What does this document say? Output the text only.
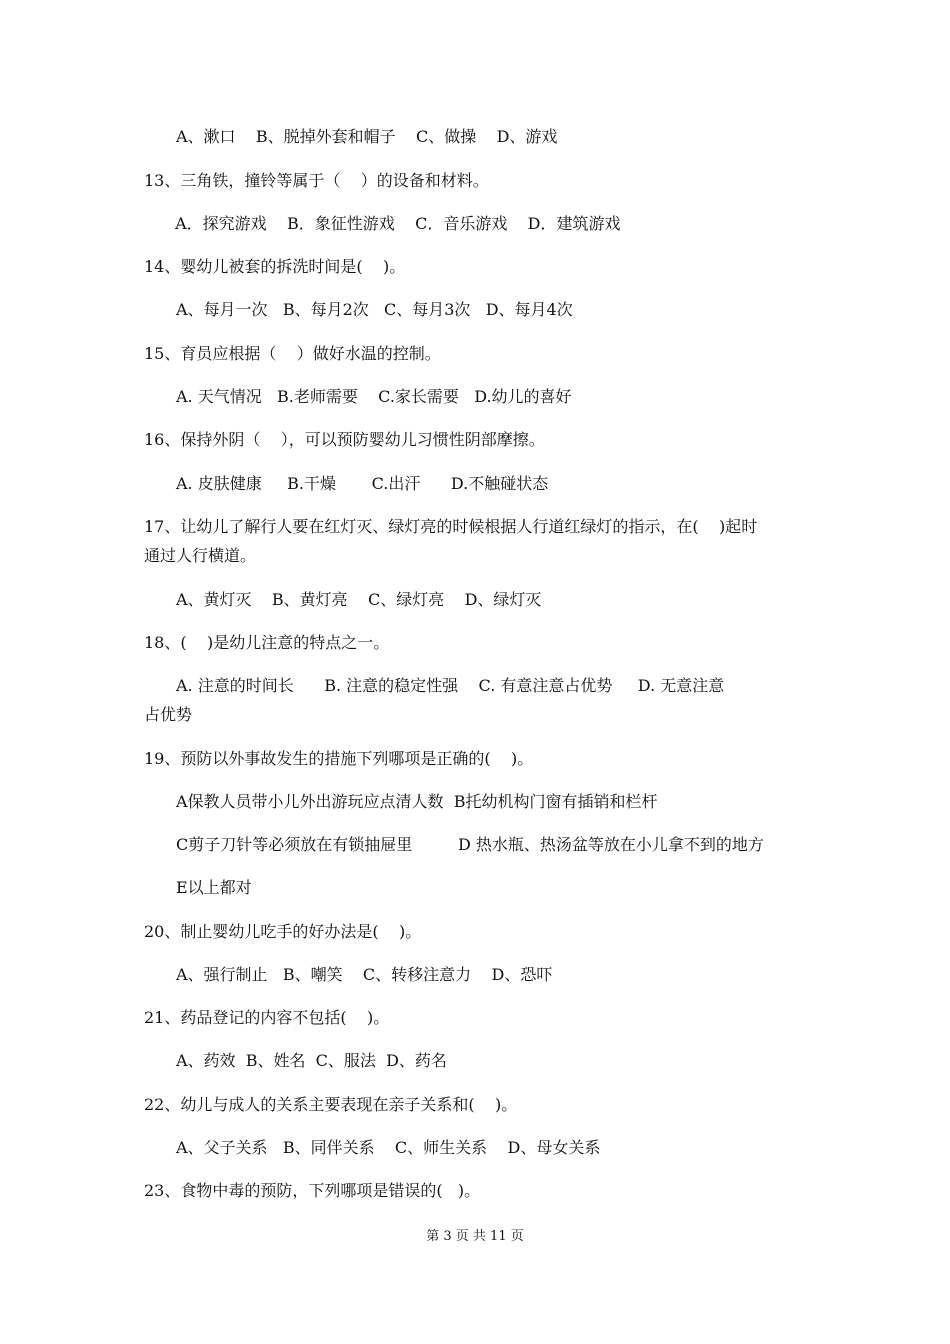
A、漱口    B、脱掉外套和帽子    C、做操    D、游戏
13、三角铁，撞铃等属于（    ）的设备和材料。
A．探究游戏    B．象征性游戏    C．音乐游戏    D．建筑游戏
14、婴幼儿被套的拆洗时间是(    )。
A、每月一次   B、每月2次   C、每月3次   D、每月4次
15、育员应根据（    ）做好水温的控制。
A. 天气情况   B.老师需要    C.家长需要   D.幼儿的喜好
16、保持外阴（    ），可以预防婴幼儿习惯性阴部摩擦。
A. 皮肤健康     B.干燥       C.出汗      D.不触碰状态
17、让幼儿了解行人要在红灯灭、绿灯亮的时候根据人行道红绿灯的指示，在(    )起时
通过人行横道。
A、黄灯灭    B、黄灯亮    C、绿灯亮    D、绿灯灭
18、(    )是幼儿注意的特点之一。
A. 注意的时间长      B. 注意的稳定性强    C. 有意注意占优势     D. 无意注意
占优势
19、预防以外事故发生的措施下列哪项是正确的(    )。
A保教人员带小儿外出游玩应点清人数  B托幼机构门窗有插销和栏杆
C剪子刀针等必须放在有锁抽屉里         D 热水瓶、热汤盆等放在小儿拿不到的地方
E以上都对
20、制止婴幼儿吃手的好办法是(    )。
A、强行制止   B、嘲笑    C、转移注意力    D、恐吓
21、药品登记的内容不包括(    )。
A、药效  B、姓名  C、服法  D、药名
22、幼儿与成人的关系主要表现在亲子关系和(    )。
A、父子关系   B、同伴关系    C、师生关系    D、母女关系
23、食物中毒的预防，下列哪项是错误的(   )。
第 3 页 共 11 页
